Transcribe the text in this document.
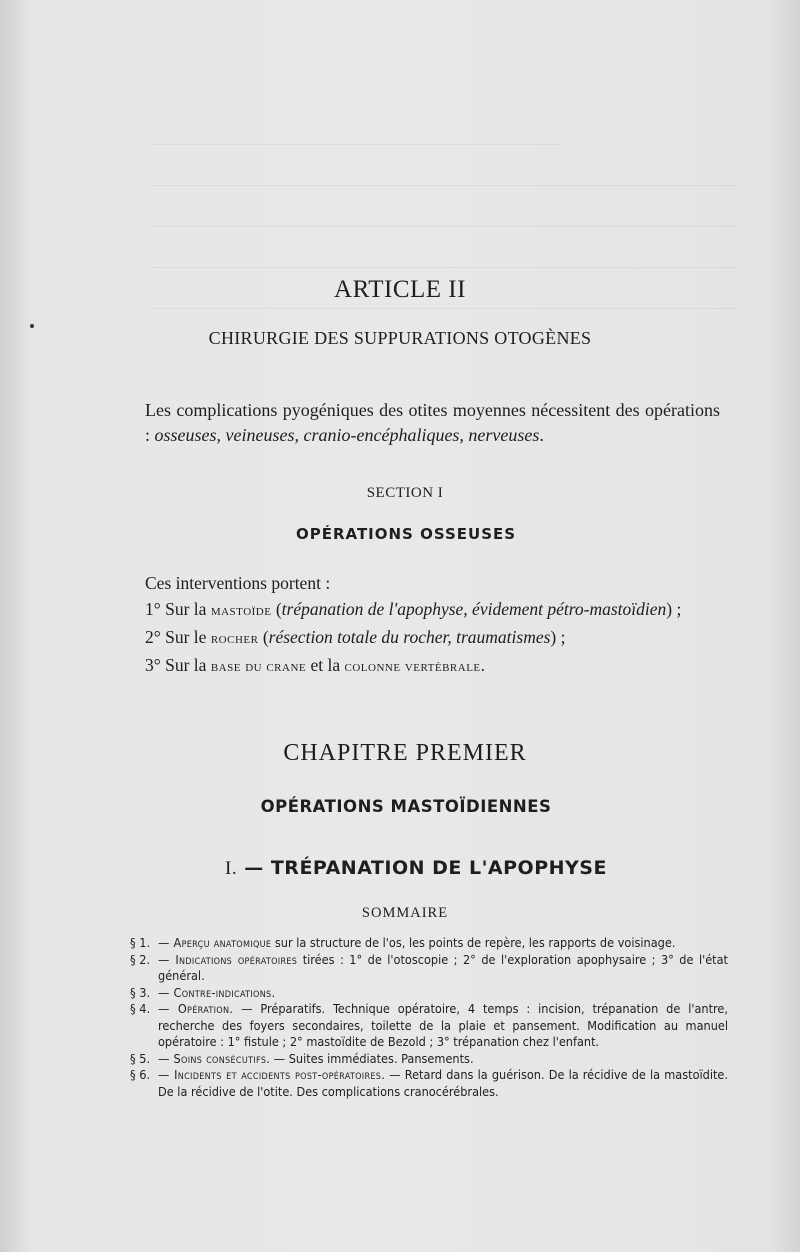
ARTICLE II
CHIRURGIE DES SUPPURATIONS OTOGÈNES
Les complications pyogéniques des otites moyennes nécessitent des opérations : osseuses, veineuses, cranio-encéphaliques, nerveuses.
SECTION I
OPÉRATIONS OSSEUSES

Ces interventions portent :

1° Sur la mastoïde (trépanation de l'apophyse, évidement pétro-mastoïdien) ;

2° Sur le rocher (résection totale du rocher, traumatismes) ;

3° Sur la base du crane et la colonne vertébrale.

CHAPITRE PREMIER
OPÉRATIONS MASTOÏDIENNES
I. — TRÉPANATION DE L'APOPHYSE
SOMMAIRE

§ 1. — Aperçu anatomique sur la structure de l'os, les points de repère, les rapports de voisinage.

§ 2. — Indications opératoires tirées : 1° de l'otoscopie ; 2° de l'exploration apophysaire ; 3° de l'état général.

§ 3. — Contre-indications.

§ 4. — Opération. — Préparatifs. Technique opératoire, 4 temps : incision, trépanation de l'antre, recherche des foyers secondaires, toilette de la plaie et pansement. Modification au manuel opératoire : 1° fistule ; 2° mastoïdite de Bezold ; 3° trépanation chez l'enfant.

§ 5. — Soins consécutifs. — Suites immédiates. Pansements.

§ 6. — Incidents et accidents post-opératoires. — Retard dans la guérison. De la récidive de la mastoïdite. De la récidive de l'otite. Des complications cranocérébrales.
